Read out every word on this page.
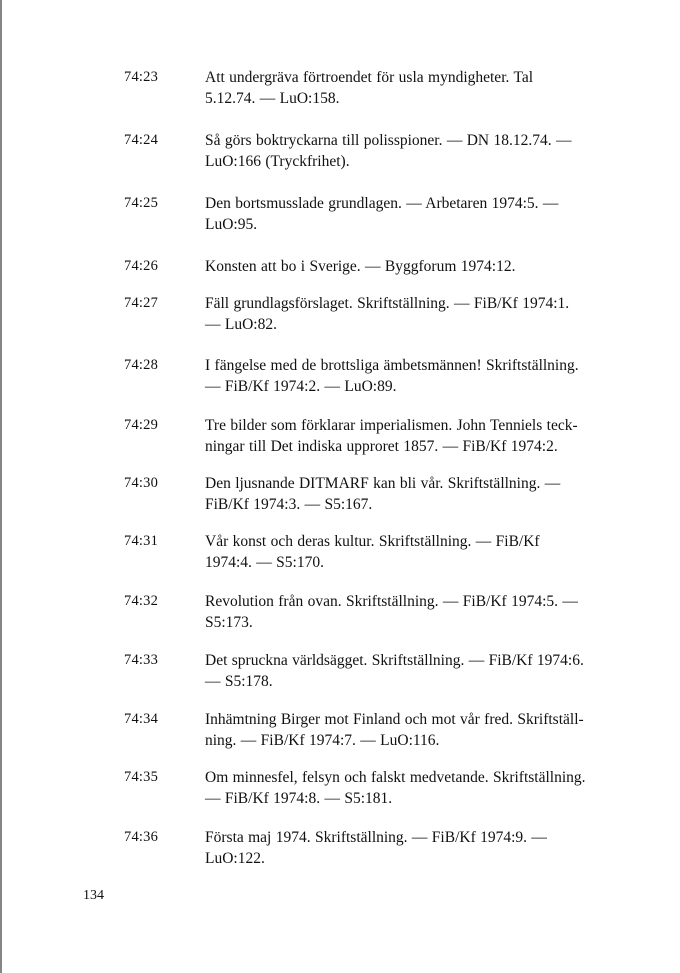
74:23	Att undergräva förtroendet för usla myndigheter. Tal
5.12.74. — LuO:158.
74:24	Så görs boktryckarna till polisspioner. — DN 18.12.74. —
LuO:166 (Tryckfrihet).
74:25	Den bortsmusslade grundlagen. — Arbetaren 1974:5. —
LuO:95.
74:26	Konsten att bo i Sverige. — Byggforum 1974:12.
74:27	Fäll grundlagsförslaget. Skriftställning. — FiB/Kf 1974:1.
— LuO:82.
74:28	I fängelse med de brottsliga ämbetsmännen! Skriftställning.
— FiB/Kf 1974:2. — LuO:89.
74:29	Tre bilder som förklarar imperialismen. John Tenniels teck-
ningar till Det indiska upproret 1857. — FiB/Kf 1974:2.
74:30	Den ljusnande DITMARF kan bli vår. Skriftställning. —
FiB/Kf 1974:3. — S5:167.
74:31	Vår konst och deras kultur. Skriftställning. — FiB/Kf
1974:4. — S5:170.
74:32	Revolution från ovan. Skriftställning. — FiB/Kf 1974:5. —
S5:173.
74:33	Det spruckna världsägget. Skriftställning. — FiB/Kf 1974:6.
— S5:178.
74:34	Inhämtning Birger mot Finland och mot vår fred. Skriftställ-
ning. — FiB/Kf 1974:7. — LuO:116.
74:35	Om minnesfel, felsyn och falskt medvetande. Skriftställning.
— FiB/Kf 1974:8. — S5:181.
74:36	Första maj 1974. Skriftställning. — FiB/Kf 1974:9. —
LuO:122.
134
